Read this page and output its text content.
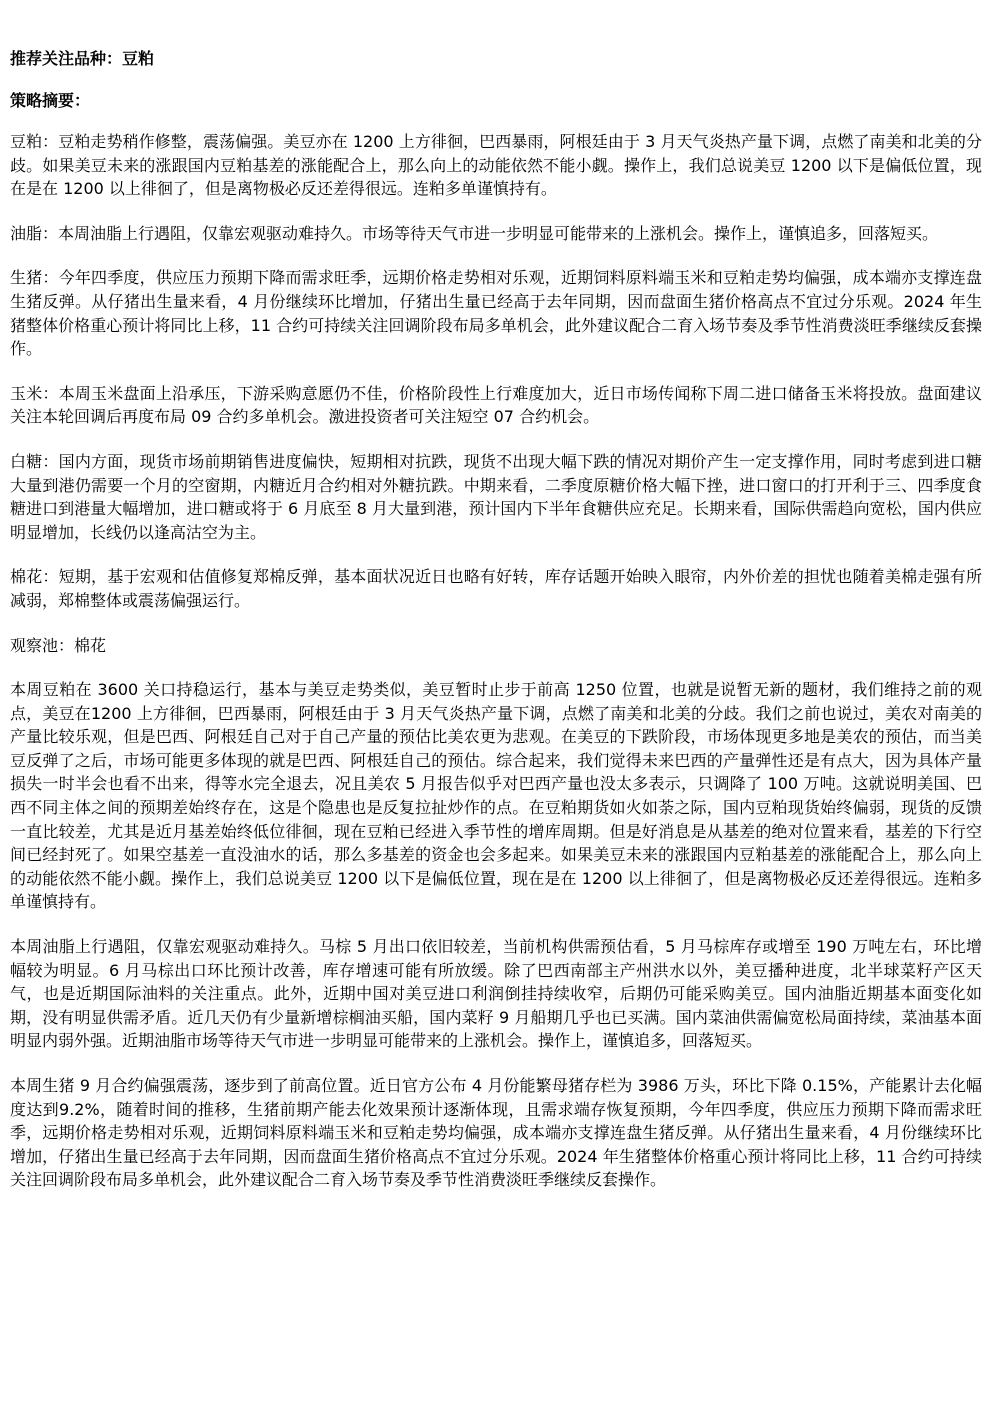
推荐关注品种：豆粕
策略摘要：

豆粕：豆粕走势稍作修整，震荡偏强。美豆亦在 1200 上方徘徊，巴西暴雨，阿根廷由于 3 月天气炎热产量下调，点燃了南美和北美的分歧。如果美豆未来的涨跟国内豆粕基差的涨能配合上，那么向上的动能依然不能小觑。操作上，我们总说美豆 1200 以下是偏低位置，现在是在 1200 以上徘徊了，但是离物极必反还差得很远。连粕多单谨慎持有。

油脂：本周油脂上行遇阻，仅靠宏观驱动难持久。市场等待天气市进一步明显可能带来的上涨机会。操作上，谨慎追多，回落短买。

生猪：今年四季度，供应压力预期下降而需求旺季，远期价格走势相对乐观，近期饲料原料端玉米和豆粕走势均偏强，成本端亦支撑连盘生猪反弹。从仔猪出生量来看，4 月份继续环比增加，仔猪出生量已经高于去年同期，因而盘面生猪价格高点不宜过分乐观。2024 年生猪整体价格重心预计将同比上移，11 合约可持续关注回调阶段布局多单机会，此外建议配合二育入场节奏及季节性消费淡旺季继续反套操作。

玉米：本周玉米盘面上沿承压，下游采购意愿仍不佳，价格阶段性上行难度加大，近日市场传闻称下周二进口储备玉米将投放。盘面建议关注本轮回调后再度布局 09 合约多单机会。激进投资者可关注短空 07 合约机会。

白糖：国内方面，现货市场前期销售进度偏快，短期相对抗跌，现货不出现大幅下跌的情况对期价产生一定支撑作用，同时考虑到进口糖大量到港仍需要一个月的空窗期，内糖近月合约相对外糖抗跌。中期来看，二季度原糖价格大幅下挫，进口窗口的打开利于三、四季度食糖进口到港量大幅增加，进口糖或将于 6 月底至 8 月大量到港，预计国内下半年食糖供应充足。长期来看，国际供需趋向宽松，国内供应明显增加，长线仍以逢高沽空为主。

棉花：短期，基于宏观和估值修复郑棉反弹，基本面状况近日也略有好转，库存话题开始映入眼帘，内外价差的担忧也随着美棉走强有所减弱，郑棉整体或震荡偏强运行。

观察池：棉花

本周豆粕在 3600 关口持稳运行，基本与美豆走势类似，美豆暂时止步于前高 1250 位置，也就是说暂无新的题材，我们维持之前的观点，美豆在1200 上方徘徊，巴西暴雨，阿根廷由于 3 月天气炎热产量下调，点燃了南美和北美的分歧。我们之前也说过，美农对南美的产量比较乐观，但是巴西、阿根廷自己对于自己产量的预估比美农更为悲观。在美豆的下跌阶段，市场体现更多地是美农的预估，而当美豆反弹了之后，市场可能更多体现的就是巴西、阿根廷自己的预估。综合起来，我们觉得未来巴西的产量弹性还是有点大，因为具体产量损失一时半会也看不出来，得等水完全退去，况且美农 5 月报告似乎对巴西产量也没太多表示，只调降了 100 万吨。这就说明美国、巴西不同主体之间的预期差始终存在，这是个隐患也是反复拉扯炒作的点。在豆粕期货如火如荼之际，国内豆粕现货始终偏弱，现货的反馈一直比较差，尤其是近月基差始终低位徘徊，现在豆粕已经进入季节性的增库周期。但是好消息是从基差的绝对位置来看，基差的下行空间已经封死了。如果空基差一直没油水的话，那么多基差的资金也会多起来。如果美豆未来的涨跟国内豆粕基差的涨能配合上，那么向上的动能依然不能小觑。操作上，我们总说美豆 1200 以下是偏低位置，现在是在 1200 以上徘徊了，但是离物极必反还差得很远。连粕多单谨慎持有。

本周油脂上行遇阻，仅靠宏观驱动难持久。马棕 5 月出口依旧较差，当前机构供需预估看，5 月马棕库存或增至 190 万吨左右，环比增幅较为明显。6 月马棕出口环比预计改善，库存增速可能有所放缓。除了巴西南部主产州洪水以外，美豆播种进度，北半球菜籽产区天气，也是近期国际油料的关注重点。此外，近期中国对美豆进口利润倒挂持续收窄，后期仍可能采购美豆。国内油脂近期基本面变化如期，没有明显供需矛盾。近几天仍有少量新增棕榈油买船，国内菜籽 9 月船期几乎也已买满。国内菜油供需偏宽松局面持续，菜油基本面明显内弱外强。近期油脂市场等待天气市进一步明显可能带来的上涨机会。操作上，谨慎追多，回落短买。

本周生猪 9 月合约偏强震荡，逐步到了前高位置。近日官方公布 4 月份能繁母猪存栏为 3986 万头，环比下降 0.15%，产能累计去化幅度达到9.2%，随着时间的推移，生猪前期产能去化效果预计逐渐体现，且需求端存恢复预期，今年四季度，供应压力预期下降而需求旺季，远期价格走势相对乐观，近期饲料原料端玉米和豆粕走势均偏强，成本端亦支撑连盘生猪反弹。从仔猪出生量来看，4 月份继续环比增加，仔猪出生量已经高于去年同期，因而盘面生猪价格高点不宜过分乐观。2024 年生猪整体价格重心预计将同比上移，11 合约可持续关注回调阶段布局多单机会，此外建议配合二育入场节奏及季节性消费淡旺季继续反套操作。
